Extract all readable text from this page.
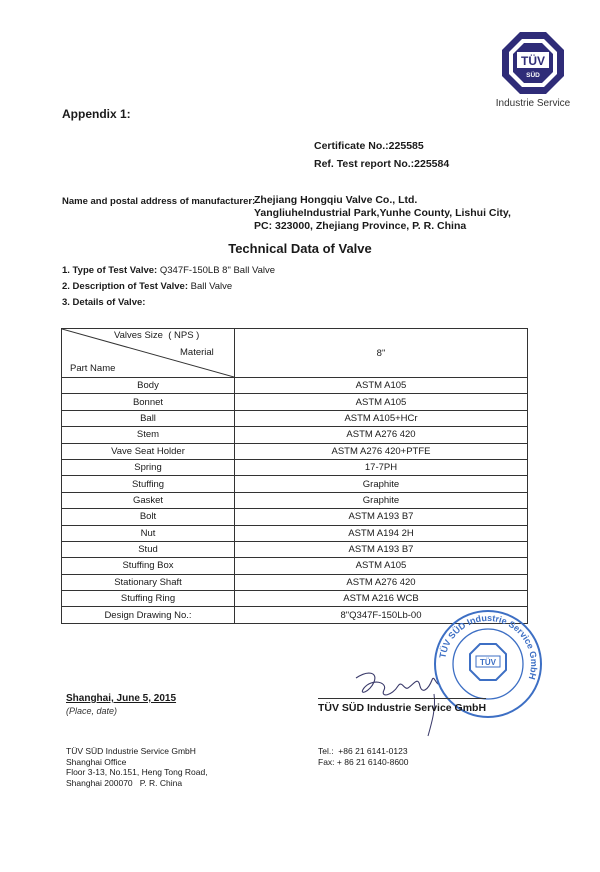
TÜV
SÜD
Industrie Service
Appendix 1:
Certificate No.:225585
Ref. Test report No.:225584
Name and postal address of manufacturer:
Zhejiang Hongqiu Valve Co., Ltd.
YangliuheIndustrial Park,Yunhe County, Lishui City,
PC: 323000, Zhejiang Province, P. R. China
Technical Data of Valve
1. Type of Test Valve: Q347F-150LB 8" Ball Valve
2. Description of Test Valve: Ball Valve
3. Details of Valve:
Valves Size  ( NPS )
Material
Part Name	8"
Body	ASTM A105
Bonnet	ASTM A105
Ball	ASTM A105+HCr
Stem	ASTM A276 420
Vave Seat Holder	ASTM A276 420+PTFE
Spring	17-7PH
Stuffing	Graphite
Gasket	Graphite
Bolt	ASTM A193 B7
Nut	ASTM A194 2H
Stud	ASTM A193 B7
Stuffing Box	ASTM A105
Stationary Shaft	ASTM A276 420
Stuffing Ring	ASTM A216 WCB
Design Drawing No.:	8"Q347F-150Lb-00
TÜV SÜD Industrie Service GmbH
TÜV
Shanghai, June 5, 2015
(Place, date)	TÜV SÜD Industrie Service GmbH
TÜV SÜD Industrie Service GmbH
Shanghai Office
Floor 3-13, No.151, Heng Tong Road,
Shanghai 200070   P. R. China
Tel.:  +86 21 6141-0123
Fax: + 86 21 6140-8600
